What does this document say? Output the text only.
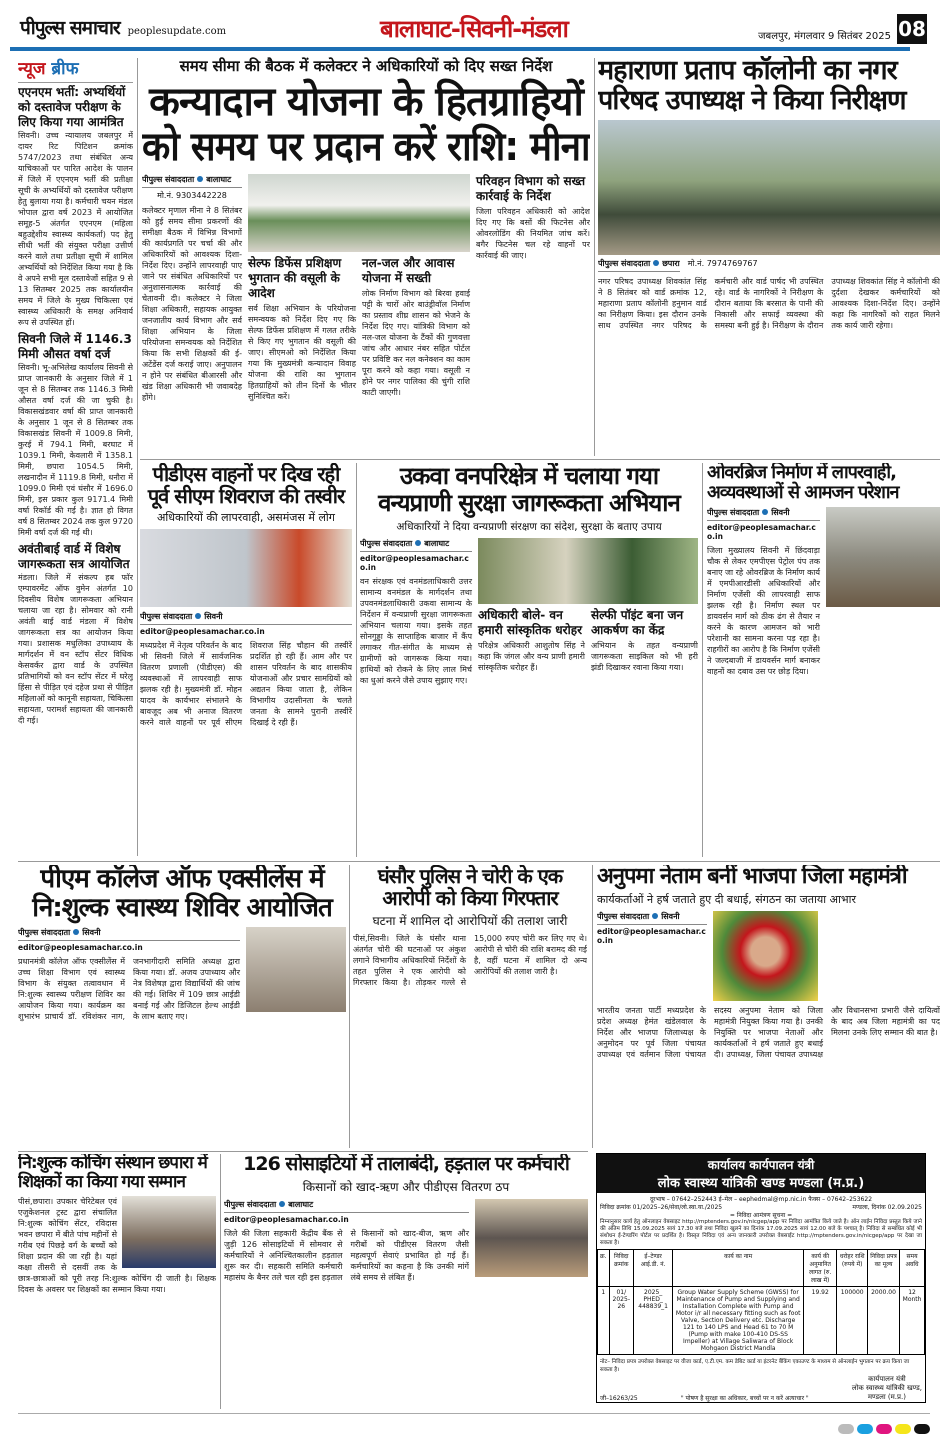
पीपुल्स समाचार peoplesupdate.com	बालाघाट-सिवनी-मंडला	जबलपुर, मंगलवार 9 सितंबर 2025 08
न्यूज ब्रीफ
एएनएम भर्ती: अभ्यर्थियों को दस्तावेज परीक्षण के लिए किया गया आमंत्रित
सिवनी। उच्च न्यायालय जबलपुर में दायर रिट पिटिशन क्रमांक 5747/2023 तथा संबंधित अन्य याचिकाओं पर पारित आदेश के पालन में जिले में एएनएम भर्ती की प्रतीक्षा सूची के अभ्यर्थियों को दस्तावेज परीक्षण हेतु बुलाया गया है। कर्मचारी चयन मंडल भोपाल द्वारा वर्ष 2023 में आयोजित समूह-5 अंतर्गत एएनएम (महिला बहुउद्देशीय स्वास्थ्य कार्यकर्ता) पद हेतु सीधी भर्ती की संयुक्त परीक्षा उत्तीर्ण करने वाले तथा प्रतीक्षा सूची में शामिल अभ्यर्थियों को निर्देशित किया गया है कि वे अपने सभी मूल दस्तावेजों सहित 9 से 13 सितम्बर 2025 तक कार्यालयीन समय में जिले के मुख्य चिकित्सा एवं स्वास्थ्य अधिकारी के समक्ष अनिवार्य रूप से उपस्थित हों।
सिवनी जिले में 1146.3 मिमी औसत वर्षा दर्ज
सिवनी। भू-अभिलेख कार्यालय सिवनी से प्राप्त जानकारी के अनुसार जिले में 1 जून से 8 सितम्बर तक 1146.3 मिमी औसत वर्षा दर्ज की जा चुकी है। विकासखंडवार वर्षा की प्राप्त जानकारी के अनुसार 1 जून से 8 सितम्बर तक विकासखंड सिवनी में 1009.8 मिमी, कुरई में 794.1 मिमी, बरघाट में 1039.1 मिमी, केवलारी में 1358.1 मिमी, छपारा 1054.5 मिमी, लखनादौन में 1119.8 मिमी, धनौरा में 1099.0 मिमी एवं घंसौर में 1696.0 मिमी, इस प्रकार कुल 9171.4 मिमी वर्षा रिकॉर्ड की गई है। ज्ञात हो विगत वर्ष 8 सितम्बर 2024 तक कुल 9720 मिमी वर्षा दर्ज की गई थी।
अवंतीबाई वार्ड में विशेष जागरूकता सत्र आयोजित
मंडला। जिले में संकल्प हब फॉर एम्पावरमेंट ऑफ वुमेन अंतर्गत 10 दिवसीय विशेष जागरूकता अभियान चलाया जा रहा है। सोमवार को रानी अवंती बाई वार्ड मंडला में विशेष जागरूकता सत्र का आयोजन किया गया। प्रशासक मधुलिका उपाध्याय के मार्गदर्शन में वन स्टॉप सेंटर विधिक केसवर्कर द्वारा वार्ड के उपस्थित प्रतिभागियों को वन स्टॉप सेंटर में घरेलू हिंसा से पीड़ित एवं दहेज प्रथा से पीड़ित महिलाओं को कानूनी सहायता, चिकित्सा सहायता, परामर्श सहायता की जानकारी दी गई।
समय सीमा की बैठक में कलेक्टर ने अधिकारियों को दिए सख्त निर्देश
कन्यादान योजना के हितग्राहियों
को समय पर प्रदान करें राशि: मीना
पीपुल्स संवाददाता बालाघाट
मो.नं. 9303442228
कलेक्टर मृणाल मीना ने 8 सितंबर को हुई समय सीमा प्रकरणों की समीक्षा बैठक में विभिन्न विभागों की कार्यप्रगति पर चर्चा की और अधिकारियों को आवश्यक दिशा-निर्देश दिए। उन्होंने लापरवाही पाए जाने पर संबंधित अधिकारियों पर अनुशासनात्मक कार्रवाई की चेतावनी दी। कलेक्टर ने जिला शिक्षा अधिकारी, सहायक आयुक्त जनजातीय कार्य विभाग और सर्व शिक्षा अभियान के जिला परियोजना समन्वयक को निर्देशित किया कि सभी शिक्षकों की ई-अटेंडेंस दर्ज कराई जाए। अनुपालन न होने पर संबंधित बीआरसी और खंड शिक्षा अधिकारी भी जवाबदेह होंगे।
सेल्फ डिफेंस प्रशिक्षण भुगतान की वसूली के आदेश
सर्व शिक्षा अभियान के परियोजना समन्वयक को निर्देश दिए गए कि सेल्फ डिफेंस प्रशिक्षण में गलत तरीके से किए गए भुगतान की वसूली की जाए। सीएमओ को निर्देशित किया गया कि मुख्यमंत्री कन्यादान विवाह योजना की राशि का भुगतान हितग्राहियों को तीन दिनों के भीतर सुनिश्चित करें।
नल-जल और आवास योजना में सख्ती
लोक निर्माण विभाग को बिरवा हवाई पट्टी के चारों ओर बाउंड्रीवॉल निर्माण का प्रस्ताव शीघ्र शासन को भेजने के निर्देश दिए गए। यांत्रिकी विभाग को नल-जल योजना के टैंकों की गुणवत्ता जांच और आधार नंबर सहित पोर्टल पर प्रविष्टि कर नल कनेक्शन का काम पूरा करने को कहा गया। वसूली न होने पर नगर पालिका की चुंगी राशि काटी जाएगी।
परिवहन विभाग को सख्त कार्रवाई के निर्देश
जिला परिवहन अधिकारी को आदेश दिए गए कि बसों की फिटनेस और ओवरलोडिंग की नियमित जांच करें। बगैर फिटनेस चल रहे वाहनों पर कार्रवाई की जाए।
महाराणा प्रताप कॉलोनी का नगर परिषद उपाध्यक्ष ने किया निरीक्षण
पीपुल्स संवाददाता छपारा मो.नं. 7974769767
नगर परिषद उपाध्यक्ष शिवकांत सिंह ने 8 सितंबर को वार्ड क्रमांक 12, महाराणा प्रताप कॉलोनी हनुमान वार्ड का निरीक्षण किया। इस दौरान उनके साथ उपस्थित नगर परिषद के कर्मचारी और वार्ड पार्षद भी उपस्थित रहे। वार्ड के नागरिकों ने निरीक्षण के दौरान बताया कि बरसात के पानी की निकासी और सफाई व्यवस्था की समस्या बनी हुई है। निरीक्षण के दौरान उपाध्यक्ष शिवकांत सिंह ने कॉलोनी की दुर्दशा देखकर कर्मचारियों को आवश्यक दिशा-निर्देश दिए। उन्होंने कहा कि नागरिकों को राहत मिलने तक कार्य जारी रहेगा।
पीडीएस वाहनों पर दिख रही पूर्व सीएम शिवराज की तस्वीर
अधिकारियों की लापरवाही, असमंजस में लोग
पीपुल्स संवाददाता सिवनी
editor@peoplesamachar.co.in
मध्यप्रदेश में नेतृत्व परिवर्तन के बाद भी सिवनी जिले में सार्वजनिक वितरण प्रणाली (पीडीएस) की व्यवस्थाओं में लापरवाही साफ झलक रही है। मुख्यमंत्री डॉ. मोहन यादव के कार्यभार संभालने के बावजूद अब भी अनाज वितरण करने वाले वाहनों पर पूर्व सीएम शिवराज सिंह चौहान की तस्वीरें प्रदर्शित हो रही हैं। आम और पर शासन परिवर्तन के बाद शासकीय योजनाओं और प्रचार सामग्रियों को अद्यतन किया जाता है, लेकिन विभागीय उदासीनता के चलते जनता के सामने पुरानी तस्वीरें दिखाई दे रही हैं।
उकवा वनपरिक्षेत्र में चलाया गया वन्यप्राणी सुरक्षा जागरूकता अभियान
अधिकारियों ने दिया वन्यप्राणी संरक्षण का संदेश, सुरक्षा के बताए उपाय
पीपुल्स संवाददाता बालाघाट
editor@peoplesamachar.co.in
वन संरक्षक एवं वनमंडलाधिकारी उत्तर सामान्य वनमंडल के मार्गदर्शन तथा उपवनमंडलाधिकारी उकवा सामान्य के निर्देशन में वन्यप्राणी सुरक्षा जागरूकता अभियान चलाया गया। इसके तहत सोनगुड्डा के साप्ताहिक बाजार में कैंप लगाकर गीत-संगीत के माध्यम से ग्रामीणों को जागरूक किया गया। हाथियों को रोकने के लिए लाल मिर्च का धुआं करने जैसे उपाय सुझाए गए।
अधिकारी बोले- वन हमारी सांस्कृतिक धरोहर
परिक्षेत्र अधिकारी आशुतोष सिंह ने कहा कि जंगल और वन्य प्राणी हमारी सांस्कृतिक धरोहर हैं।
सेल्फी पॉइंट बना जन आकर्षण का केंद्र
अभियान के तहत वन्यप्राणी जागरूकता साइकिल को भी हरी झंडी दिखाकर रवाना किया गया।
ओवरब्रिज निर्माण में लापरवाही, अव्यवस्थाओं से आमजन परेशान
पीपुल्स संवाददाता सिवनी
editor@peoplesamachar.co.in
जिला मुख्यालय सिवनी में छिंदवाड़ा चौक से लेकर एमपीएस पेट्रोल पंप तक बनाए जा रहे ओवरब्रिज के निर्माण कार्य में एमपीआरडीसी अधिकारियों और निर्माण एजेंसी की लापरवाही साफ झलक रही है। निर्माण स्थल पर डायवर्सन मार्ग को ठीक ढंग से तैयार न करने के कारण आमजन को भारी परेशानी का सामना करना पड़ रहा है। राहगीरों का आरोप है कि निर्माण एजेंसी ने जल्दबाजी में डायवर्सन मार्ग बनाकर वाहनों का दबाव उस पर छोड़ दिया।
पीएम कॉलेज ऑफ एक्सीलेंस में नि:शुल्क स्वास्थ्य शिविर आयोजित
पीपुल्स संवाददाता सिवनी
editor@peoplesamachar.co.in
प्रधानमंत्री कॉलेज ऑफ एक्सीलेंस में उच्च शिक्षा विभाग एवं स्वास्थ्य विभाग के संयुक्त तत्वावधान में नि:शुल्क स्वास्थ्य परीक्षण शिविर का आयोजन किया गया। कार्यक्रम का शुभारंभ प्राचार्य डॉ. रविशंकर नाग, जनभागीदारी समिति अध्यक्ष द्वारा किया गया। डॉ. अजय उपाध्याय और नेत्र विशेषज्ञ द्वारा विद्यार्थियों की जांच की गई। शिविर में 109 छात्र आईडी बनाई गई और डिजिटल हेल्थ आईडी के लाभ बताए गए।
घंसौर पुलिस ने चोरी के एक आरोपी को किया गिरफ्तार
घटना में शामिल दो आरोपियों की तलाश जारी
पीसं,सिवनी। जिले के घंसौर थाना अंतर्गत चोरी की घटनाओं पर अंकुश लगाने विभागीय अधिकारियों निर्देशों के तहत पुलिस ने एक आरोपी को गिरफ्तार किया है। तोड़कर गल्ले से 15,000 रुपए चोरी कर लिए गए थे। आरोपी से चोरी की राशि बरामद की गई है, वहीं घटना में शामिल दो अन्य आरोपियों की तलाश जारी है।
अनुपमा नेताम बनीं भाजपा जिला महामंत्री
कार्यकर्ताओं ने हर्ष जताते हुए दी बधाई, संगठन का जताया आभार
पीपुल्स संवाददाता सिवनी
editor@peoplesamachar.co.in
भारतीय जनता पार्टी मध्यप्रदेश के प्रदेश अध्यक्ष हेमंत खंडेलवाल के निर्देश और भाजपा जिलाध्यक्ष के अनुमोदन पर पूर्व जिला पंचायत उपाध्यक्ष एवं वर्तमान जिला पंचायत सदस्य अनुपमा नेताम को जिला महामंत्री नियुक्त किया गया है। उनकी नियुक्ति पर भाजपा नेताओं और कार्यकर्ताओं ने हर्ष जताते हुए बधाई दी। उपाध्यक्ष, जिला पंचायत उपाध्यक्ष और विधानसभा प्रभारी जैसे दायित्वों के बाद अब जिला महामंत्री का पद मिलना उनके लिए सम्मान की बात है।
नि:शुल्क कोचिंग संस्थान छपारा में शिक्षकों का किया गया सम्मान
पीसं,छपारा। उपकार चेरिटेबल एवं एजुकेशनल ट्रस्ट द्वारा संचालित नि:शुल्क कोचिंग सेंटर, रविदास भवन छपारा में बीते पांच महीनों से गरीब एवं पिछड़े वर्ग के बच्चों को शिक्षा प्रदान की जा रही है। यहां कक्षा तीसरी से दसवीं तक के छात्र-छात्राओं को पूरी तरह नि:शुल्क कोचिंग दी जाती है। शिक्षक दिवस के अवसर पर शिक्षकों का सम्मान किया गया।
126 सोसाइटियों में तालाबंदी, हड़ताल पर कर्मचारी
किसानों को खाद-ऋण और पीडीएस वितरण ठप
पीपुल्स संवाददाता बालाघाट
editor@peoplesamachar.co.in
जिले की जिला सहकारी केंद्रीय बैंक से जुड़ी 126 सोसाइटियों में सोमवार से कर्मचारियों ने अनिश्चितकालीन हड़ताल शुरू कर दी। सहकारी समिति कर्मचारी महासंघ के बैनर तले चल रही इस हड़ताल से किसानों को खाद-बीज, ऋण और गरीबों को पीडीएस वितरण जैसी महत्वपूर्ण सेवाएं प्रभावित हो गई हैं। कर्मचारियों का कहना है कि उनकी मांगें लंबे समय से लंबित हैं।
कार्यालय कार्यपालन यंत्री
लोक स्वास्थ्य यांत्रिकी खण्ड मण्डला (म.प्र.)
दूरभाष – 07642–252443 ई–मेल – eephedmal@mp.nic.in फैक्स – 07642–253622
निविदा क्रमांक 01/2025–26/सेवा/लो.स्वा.या./2025	मण्डला, दिनांक 02.09.2025
= निविदा आमंत्रण सूचना =
निम्नानुसार कार्य हेतु ऑनलाइन वेबसाइट http://mptenders.gov.in/nicgep/app पर निविदा आमंत्रित किये जाते है। ऑन लाईन निविदा प्रस्तुत किये जाने की अंतिम तिथि 15.09.2025 सायं 17.30 बजे तथा निविदा खुलने का दिनांक 17.09.2025 सायं 12.00 बजे के पश्चात् है। निविदा से सम्बंधित कोई भी संशोधन ई-टेण्डरिंग पोर्टल पर प्रदर्शित है। विस्तृत निविदा एवं अन्य जानकारी उपरोक्त वेबसाईट http://mptenders.gov.in/nicgep/app पर देखा जा सकता है।
क्र.	निविदा क्रमांक	ई–टेण्डर आई.डी. नं.	कार्य का नाम	कार्य की अनुमानित लागत (रु. लाख में)	धरोहर राशि (रुपये में)	निविदा प्रपत्र का मूल्य	समय अवधि
1	01/ 2025-26	2025_ PHED_ 448839_1	Group Water Supply Scheme (GWSS) for Maintenance of Pump and Supplying and Installation Complete with Pump and Motor i/r all necessary fitting such as foot Valve, Section Delivery etc. Discharge 121 to 140 LPS and Head 61 to 70 M (Pump with make 100-410 DS-SS Impeller) at Village Saliwara of Block Mohgaon District Mandla	19.92	100000	2000.00	12 Month
नोट– निविदा प्रपत्र उपरोक्त वेबसाइट पर वीजा कार्ड, ए.टी.एम. कम डेबिट कार्ड या इंटरनेट बैंकिंग एकाउण्ट के माध्यम से ऑनलाईन भुगतान पर क्रय किया जा सकता है।
जी–16263/25	" पोषण है सुरक्षा का अधिकार, बच्चों पर न करें अत्याचार "
कार्यपालन यंत्री
लोक स्वास्थ्य यांत्रिकी खण्ड,
मण्डला (म.प्र.)
